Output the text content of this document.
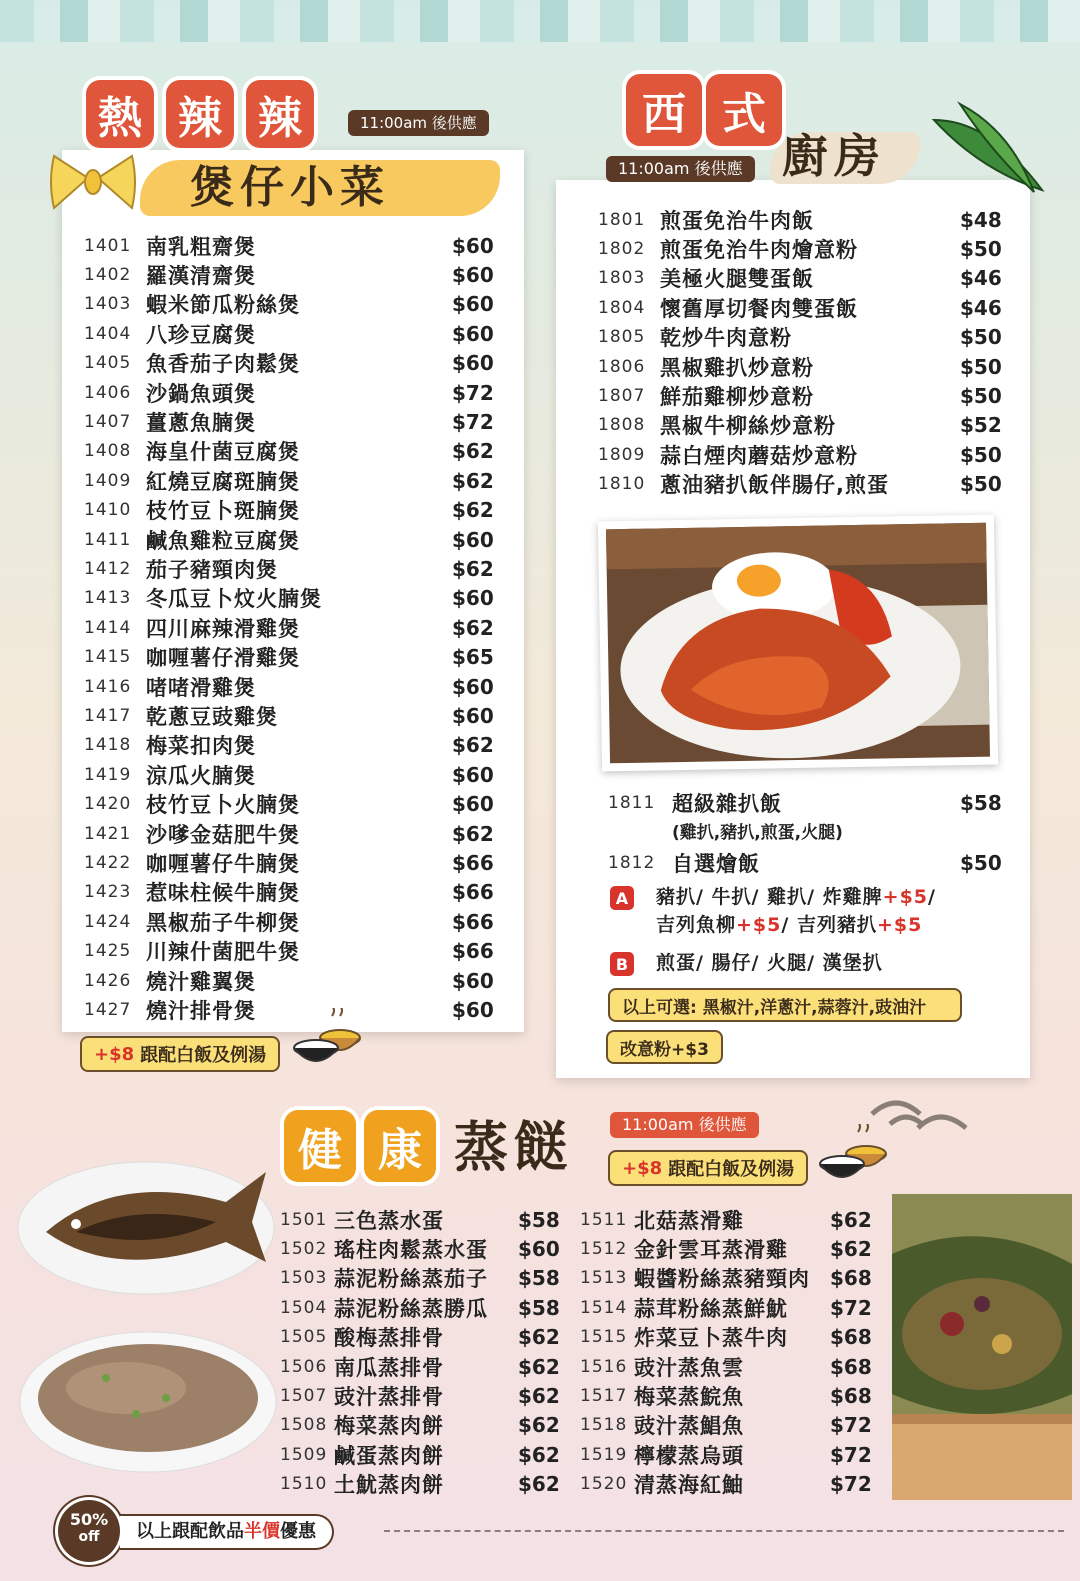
熱 辣 辣	11:00am 後供應
煲仔小菜
1401 南乳粗齋煲	$60
1402 羅漢清齋煲	$60
1403 蝦米節瓜粉絲煲	$60
1404 八珍豆腐煲	$60
1405 魚香茄子肉鬆煲	$60
1406 沙鍋魚頭煲	$72
1407 薑蔥魚腩煲	$72
1408 海皇什菌豆腐煲	$62
1409 紅燒豆腐斑腩煲	$62
1410 枝竹豆卜斑腩煲	$62
1411 鹹魚雞粒豆腐煲	$60
1412 茄子豬頸肉煲	$62
1413 冬瓜豆卜炆火腩煲	$60
1414 四川麻辣滑雞煲	$62
1415 咖喱薯仔滑雞煲	$65
1416 啫啫滑雞煲	$60
1417 乾蔥豆豉雞煲	$60
1418 梅菜扣肉煲	$62
1419 涼瓜火腩煲	$60
1420 枝竹豆卜火腩煲	$60
1421 沙嗲金菇肥牛煲	$62
1422 咖喱薯仔牛腩煲	$66
1423 惹味柱候牛腩煲	$66
1424 黑椒茄子牛柳煲	$66
1425 川辣什菌肥牛煲	$66
1426 燒汁雞翼煲	$60
1427 燒汁排骨煲	$60
+$8 跟配白飯及例湯
西 式
11:00am 後供應 廚房
1801 煎蛋免治牛肉飯	$48
1802 煎蛋免治牛肉燴意粉	$50
1803 美極火腿雙蛋飯	$46
1804 懷舊厚切餐肉雙蛋飯	$46
1805 乾炒牛肉意粉	$50
1806 黑椒雞扒炒意粉	$50
1807 鮮茄雞柳炒意粉	$50
1808 黑椒牛柳絲炒意粉	$52
1809 蒜白煙肉蘑菇炒意粉	$50
1810 蔥油豬扒飯伴腸仔,煎蛋	$50
1811 超級雜扒飯	$58
(雞扒,豬扒,煎蛋,火腿)
1812 自選燴飯	$50
A	豬扒/ 牛扒/ 雞扒/ 炸雞脾+$5/
吉列魚柳+$5/ 吉列豬扒+$5
B	煎蛋/ 腸仔/ 火腿/ 漢堡扒
以上可選: 黑椒汁,洋蔥汁,蒜蓉汁,豉油汁
改意粉+$3
健 康 蒸餸	11:00am 後供應
+$8 跟配白飯及例湯
1501 三色蒸水蛋	$58
1502 瑤柱肉鬆蒸水蛋 $60
1503 蒜泥粉絲蒸茄子 $58
1504 蒜泥粉絲蒸勝瓜 $58
1505 酸梅蒸排骨	$62
1506 南瓜蒸排骨	$62
1507 豉汁蒸排骨	$62
1508 梅菜蒸肉餅	$62
1509 鹹蛋蒸肉餅	$62
1510 土魷蒸肉餅	$62
1511 北菇蒸滑雞	$62
1512 金針雲耳蒸滑雞 $62
1513 蝦醬粉絲蒸豬頸肉 $68
1514 蒜茸粉絲蒸鮮魷 $72
1515 炸菜豆卜蒸牛肉 $68
1516 豉汁蒸魚雲	$68
1517 梅菜蒸鯇魚	$68
1518 豉汁蒸鯧魚	$72
1519 檸檬蒸烏頭	$72
1520 清蒸海紅鮋	$72
50%
off	以上跟配飲品半價優惠
